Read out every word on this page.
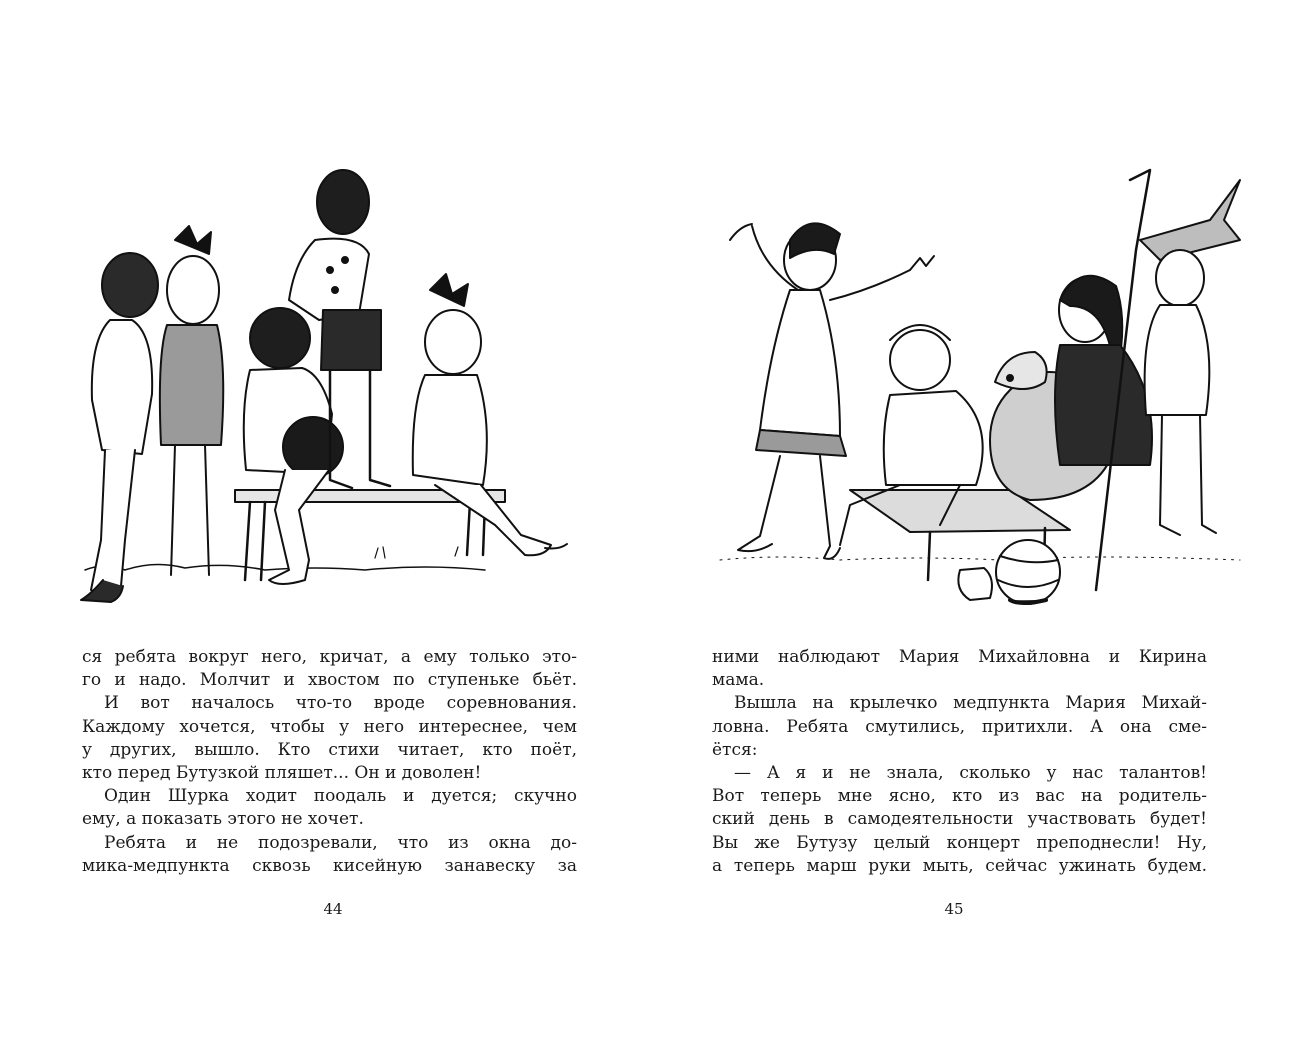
ся ребята вокруг него, кричат, а ему только это-
го и надо. Молчит и хвостом по ступеньке бьёт.
И вот началось что-то вроде соревнования.
Каждому хочется, чтобы у него интереснее, чем
у других, вышло. Кто стихи читает, кто поёт,
кто перед Бутузкой пляшет... Он и доволен!
Один Шурка ходит поодаль и дуется; скучно
ему, а показать этого не хочет.
Ребята и не подозревали, что из окна до-
мика-медпункта сквозь кисейную занавеску за
44
ними наблюдают Мария Михайловна и Кирина
мама.
Вышла на крылечко медпункта Мария Михай-
ловна. Ребята смутились, притихли. А она сме-
ётся:
— А я и не знала, сколько у нас талантов!
Вот теперь мне ясно, кто из вас на родитель-
ский день в самодеятельности участвовать будет!
Вы же Бутузу целый концерт преподнесли! Ну,
а теперь марш руки мыть, сейчас ужинать будем.
45
